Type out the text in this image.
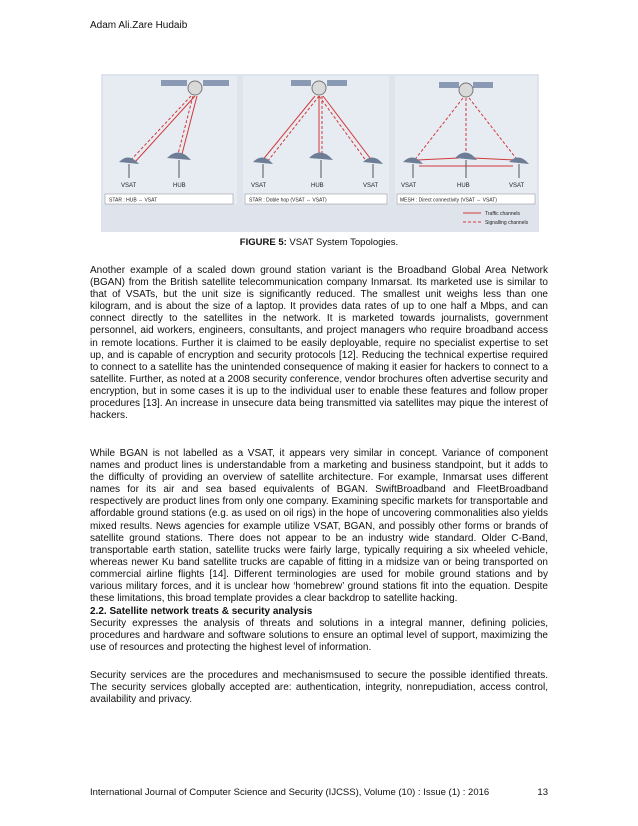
Adam Ali.Zare Hudaib
VSAT	HUB
STAR : HUB ⇔ VSAT
VSAT	HUB	VSAT
STAR : Doble hop (VSAT ⇔ VSAT)
VSAT	HUB	VSAT
MESH : Direct connectivity (VSAT ⇔ VSAT)
Traffic channels
Signalling channels
FIGURE 5: VSAT System Topologies.
Another example of a scaled down ground station variant is the Broadband Global Area Network (BGAN) from the British satellite telecommunication company Inmarsat. Its marketed use is similar to that of VSATs, but the unit size is significantly reduced. The smallest unit weighs less than one kilogram, and is about the size of a laptop. It provides data rates of up to one half a Mbps, and can connect directly to the satellites in the network. It is marketed towards journalists, government personnel, aid workers, engineers, consultants, and project managers who require broadband access in remote locations. Further it is claimed to be easily deployable, require no specialist expertise to set up, and is capable of encryption and security protocols [12]. Reducing the technical expertise required to connect to a satellite has the unintended consequence of making it easier for hackers to connect to a satellite. Further, as noted at a 2008 security conference, vendor brochures often advertise security and encryption, but in some cases it is up to the individual user to enable these features and follow proper procedures [13]. An increase in unsecure data being transmitted via satellites may pique the interest of hackers.
While BGAN is not labelled as a VSAT, it appears very similar in concept. Variance of component names and product lines is understandable from a marketing and business standpoint, but it adds to the difficulty of providing an overview of satellite architecture. For example, Inmarsat uses different names for its air and sea based equivalents of BGAN. SwiftBroadband and FleetBroadband respectively are product lines from only one company. Examining specific markets for transportable and affordable ground stations (e.g. as used on oil rigs) in the hope of uncovering commonalities also yields mixed results. News agencies for example utilize VSAT, BGAN, and possibly other forms or brands of satellite ground stations. There does not appear to be an industry wide standard. Older C-Band, transportable earth station, satellite trucks were fairly large, typically requiring a six wheeled vehicle, whereas newer Ku band satellite trucks are capable of fitting in a midsize van or being transported on commercial airline flights [14]. Different terminologies are used for mobile ground stations and by various military forces, and it is unclear how ‘homebrew’ ground stations fit into the equation. Despite these limitations, this broad template provides a clear backdrop to satellite hacking.
2.2. Satellite network treats & security analysis
Security expresses the analysis of threats and solutions in a integral manner, defining policies, procedures and hardware and software solutions to ensure an optimal level of support, maximizing the use of resources and protecting the highest level of information.
Security services are the procedures and mechanismsused to secure the possible identified threats. The security services globally accepted are: authentication, integrity, nonrepudiation, access control, availability and privacy.
International Journal of Computer Science and Security (IJCSS), Volume (10) : Issue (1) : 2016	13
